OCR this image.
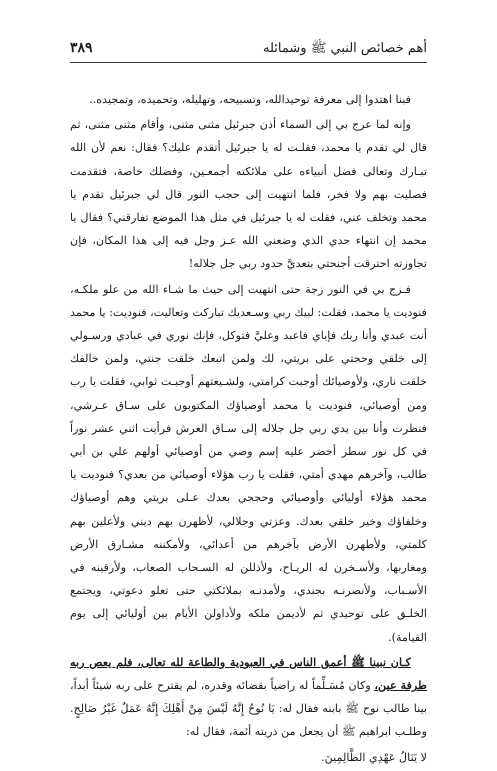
أهم خصائص النبي ﷺ وشمائله
٣٨٩

فبنا اهتدوا إلى معرفة توحيدالله، وتسبيحه، وتهليله، وتحميده، وتمجيده..

وإنه لما عرج بي إلى السماء أذن جبرئيل مثنى مثنى، وأقام مثنى مثنى، ثم قال لي تقدم يا محمد، فقلـت له يا جبرئيل أتقدم عليك؟ فقال: نعم لأن الله تبـارك وتعالى فضل أنبياءه على ملائكته أجمعـين، وفضلك خاصة، فتقدمت فصليت بهم ولا فخر، فلما انتهيت إلى حجب النور قال لي جبرئيل تقدم يا محمد وتخلف عني، فقلت له يا جبرئيل في مثل هذا الموضع تفارقني؟ فقال يا محمد إن انتهاء حدي الذي وضعني الله عـز وجل فيه إلى هذا المكان، فإن تجاوزته احترقت أجنحتي بتعديَّ حدود ربي جل جلاله!

فـزج بي في النور زجة حتى انتهيت إلى حيث ما شـاء الله من علو ملكـه، فنوديت يا محمد، فقلت: لبيك ربي وسـعديك تباركت وتعاليت، فنوديت: يا محمد أنت عبدي وأنا ربك فإياي فاعبد وعليَّ فتوكل، فإنك نوري في عبادي ورسـولي إلى خلقي وحجتي على بريتي، لك ولمن اتبعك خلقت جنتي، ولمن خالفك خلقت ناري، ولأوصيائك أوجبت كرامتي، ولشـيعتهم أوجبـت ثوابي، فقلت يا رب ومن أوصيائي، فنوديت يا محمد أوصياؤك المكتوبون على سـاق عـرشي، فنظرت وأنا بين يدي ربي جل جلاله إلى سـاق العرش فرأيت اثني عشر نوراً في كل نور سطر أخضر عليه إسم وصي من أوصيائي أولهم علي بن أبي طالب، وآخرهم مهدي أمتي، فقلت يا رب هؤلاء أوصيائي من بعدي؟ فنوديت يا محمد هؤلاء أوليائي وأوصيائي وحججي بعدك عـلى بريتي وهم أوصياؤك وخلفاؤك وخير خلقي بعدك. وعزتي وجلالي، لأظهرن بهم ديني ولأعلين بهم كلمتي، ولأطهرن الأرض بآخرهم من أعدائي، ولأمكننه مشـارق الأرض ومغاربها، ولأسـخرن له الريـاح، ولأذللن له السـحاب الصعاب، ولأرقينه في الأسـباب، ولأنصرنـه بجندي، ولأمدنـه بملائكتي حتى تعلو دعوتي، ويجتمع الخلـق على توحيدي ثم لأديمن ملكه ولأداولن الأيام بين أوليائي إلى يوم القيامة).

كـان نبينا ﷺ أعمق الناس في العبودية والطاعة لله تعالى، فلم يعص ربه طرفة عين، وكان مُسَـلِّماً له راضياً بقضائه وقدره، لم يقترح على ربه شيئاً أبداً، بينا طالب نوح ﷺ بابنه فقال له: يَا نُوحُ إِنَّهُ لَيْسَ مِنْ أَهْلِكَ إِنَّهُ عَمَلٌ غَيْرُ صَالِحٍ. وطلـب ابراهيم ﷺ أن يجعل من ذريته أئمة، فقال له:

لا يَنَالُ عَهْدِي الظَّالِمِينَ.
